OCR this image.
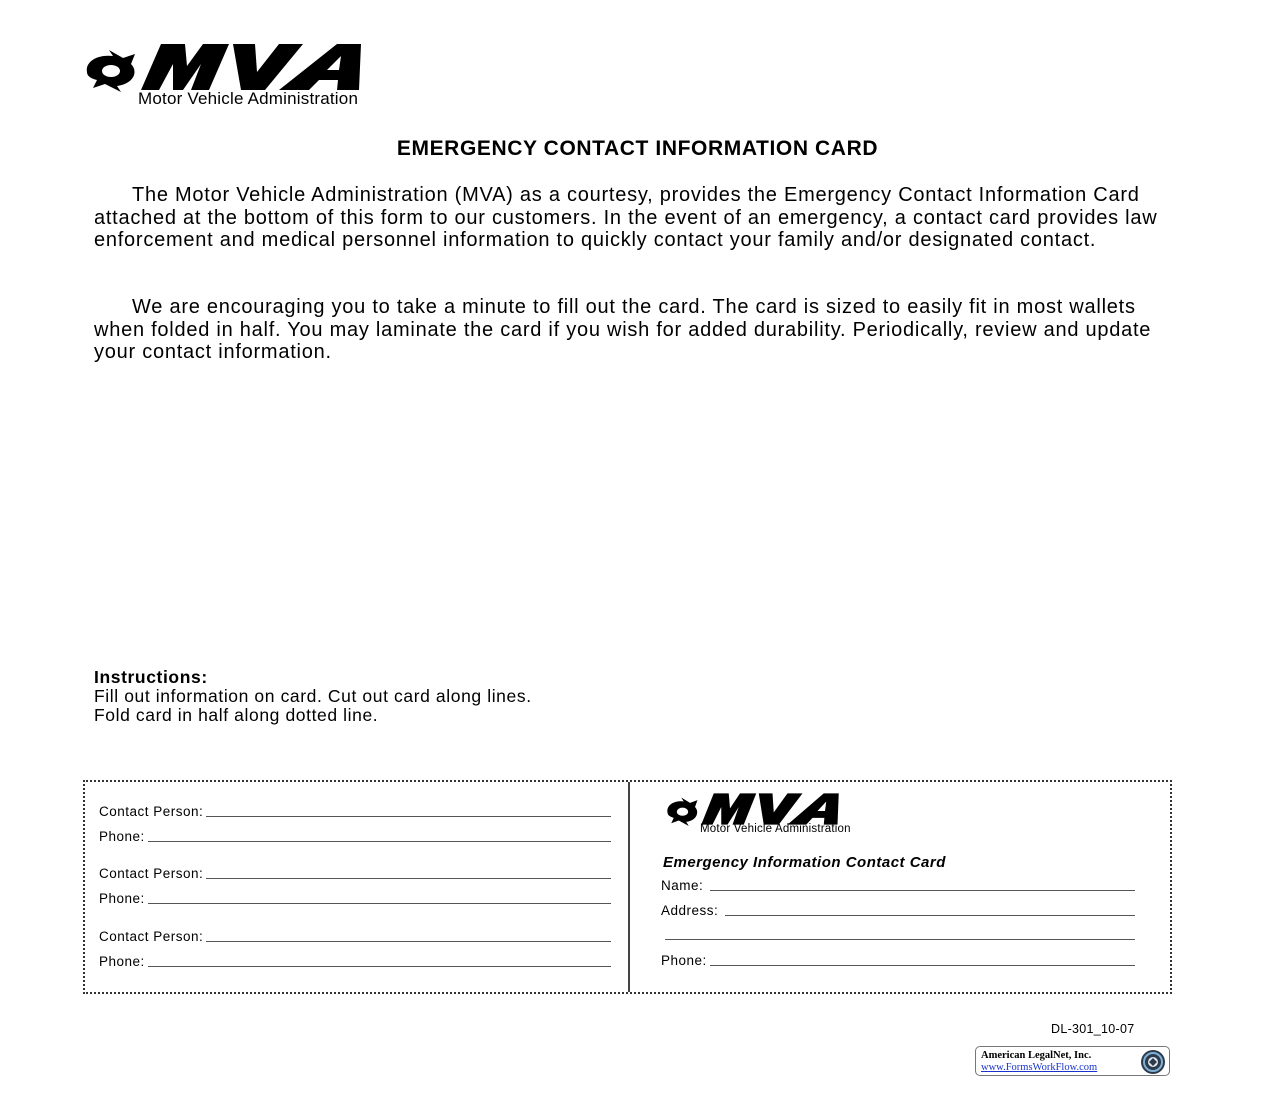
Motor Vehicle Administration
EMERGENCY CONTACT INFORMATION CARD
The Motor Vehicle Administration (MVA) as a courtesy, provides the Emergency Contact Information Card attached at the bottom of this form to our customers. In the event of an emergency, a contact card provides law enforcement and medical personnel information to quickly contact your family and/or designated contact.
We are encouraging you to take a minute to fill out the card. The card is sized to easily fit in most wallets when folded in half. You may laminate the card if you wish for added durability. Periodically, review and update your contact information.
Instructions:
Fill out information on card. Cut out card along lines. Fold card in half along dotted line.
Contact Person:
Phone:
Contact Person:
Phone:
Contact Person:
Phone:
Motor Vehicle Administration
Emergency Information Contact Card
Name:
Address:
Phone:
DL-301_10-07
American LegalNet, Inc.
www.FormsWorkFlow.com
